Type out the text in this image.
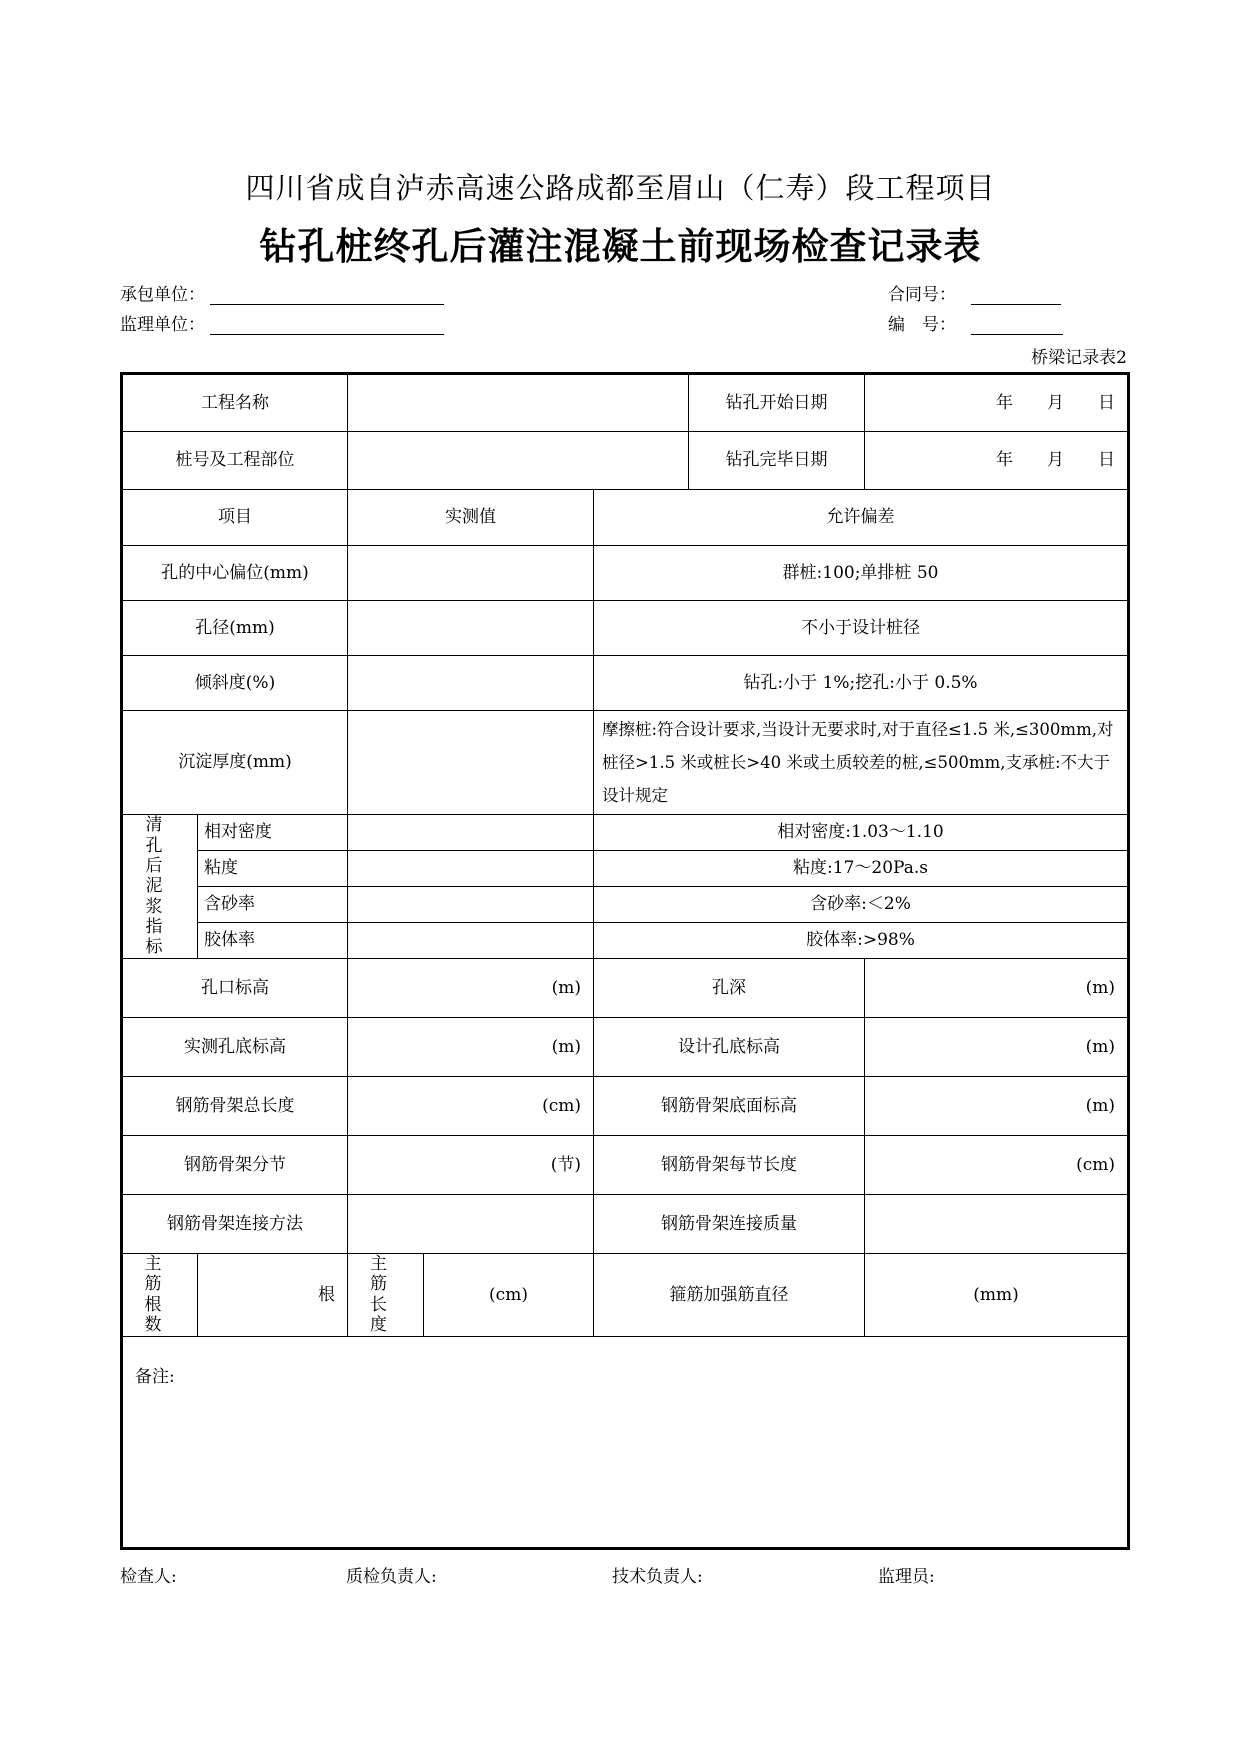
四川省成自泸赤高速公路成都至眉山（仁寿）段工程项目
钻孔桩终孔后灌注混凝土前现场检查记录表
承包单位：
监理单位：
合同号：
编　号：
桥梁记录表2
工程名称					钻孔开始日期	年　　月　　日
桩号及工程部位					钻孔完毕日期	年　　月　　日
项目		实测值		允许偏差		
孔的中心偏位(mm)				群桩:100;单排桩 50		
孔径(mm)				不小于设计桩径		
倾斜度(%)				钻孔:小于 1%;挖孔:小于 0.5%		
沉淀厚度(mm)				摩擦桩:符合设计要求,当设计无要求时,对于直径≤1.5 米,≤300mm,对桩径>1.5 米或桩长>40 米或土质较差的桩,≤500mm,支承桩:不大于设计规定		
清 孔 后 泥 浆 指 标	相对密度			相对密度:1.03～1.10		
	粘度			粘度:17～20Pa.s		
	含砂率			含砂率:＜2%		
	胶体率			胶体率:>98%		
孔口标高		(m)		孔深		(m)
实测孔底标高		(m)		设计孔底标高		(m)
钢筋骨架总长度		(cm)		钢筋骨架底面标高		(m)
钢筋骨架分节		(节)		钢筋骨架每节长度		(cm)
钢筋骨架连接方法				钢筋骨架连接质量		
主 筋 根 数	根	主 筋 长 度	(cm)	箍筋加强筋直径		(mm)
备注:						
检查人:	质检负责人:	技术负责人:	监理员:
